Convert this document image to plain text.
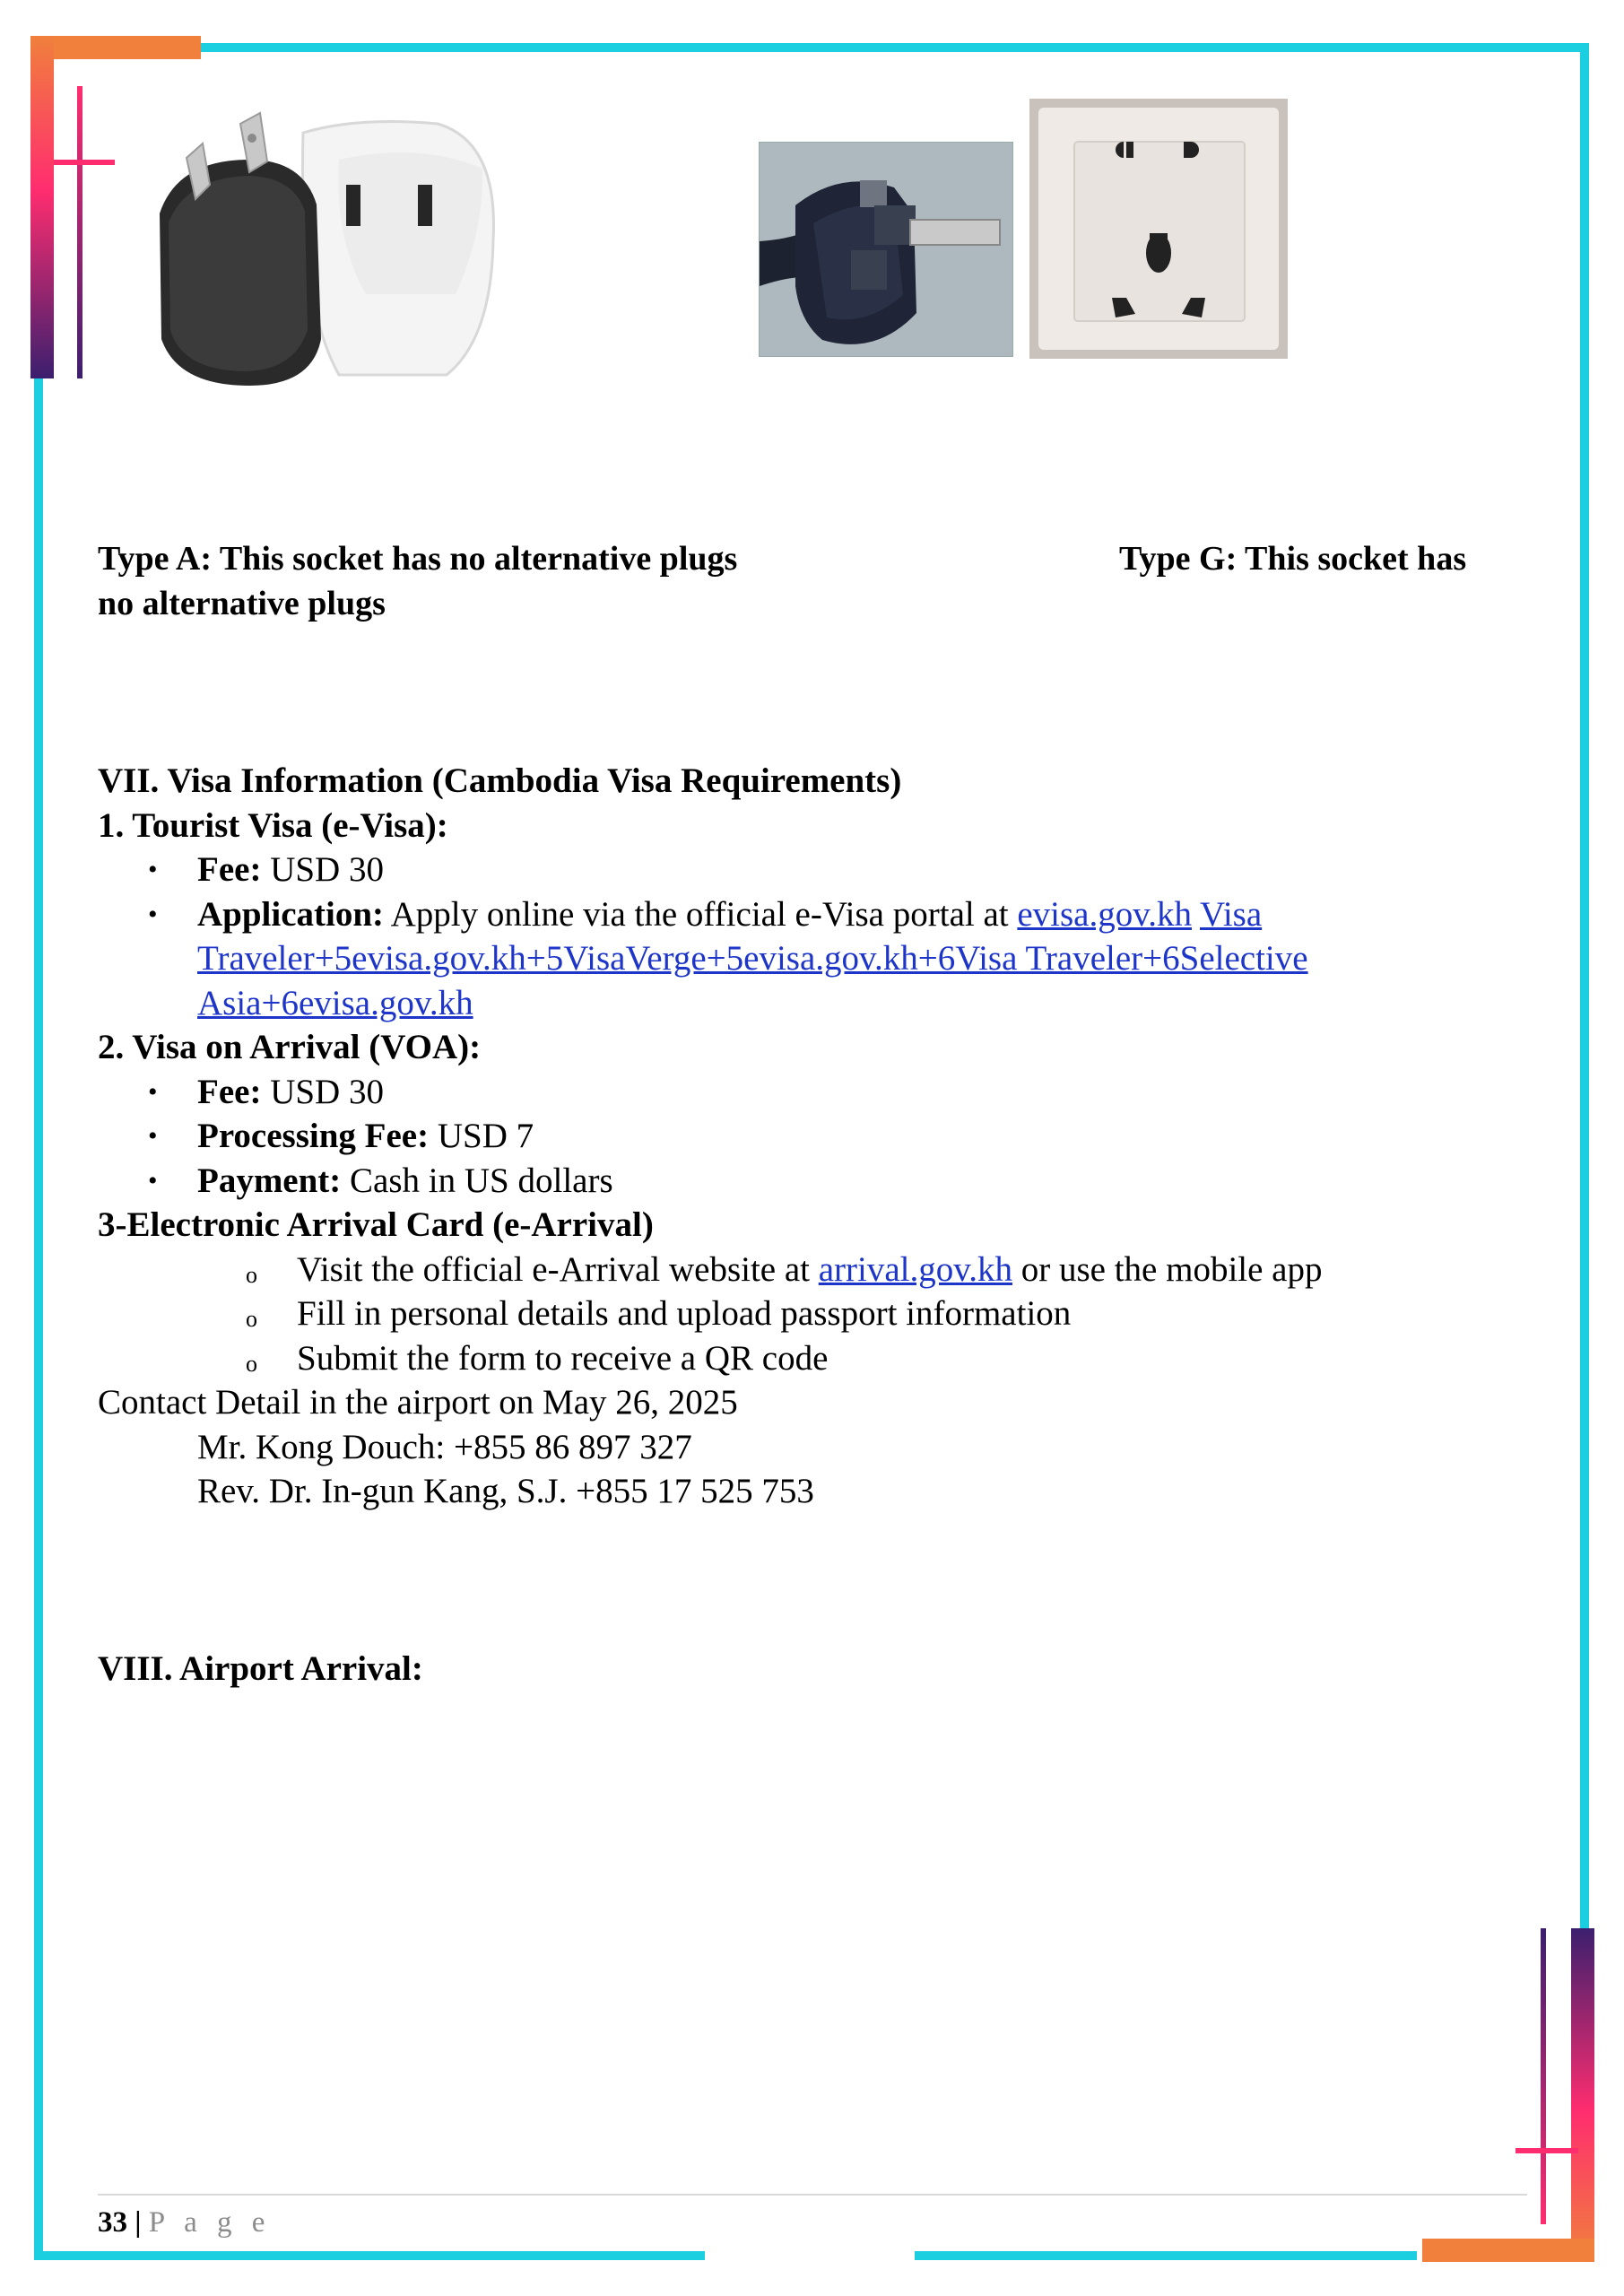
Type A: This socket has no alternative plugs	Type G: This socket has
no alternative plugs

VII. Visa Information (Cambodia Visa Requirements)

1. Tourist Visa (e-Visa):

• Fee: USD 30

• Application: Apply online via the official e-Visa portal at evisa.gov.kh Visa Traveler+5evisa.gov.kh+5VisaVerge+5evisa.gov.kh+6Visa Traveler+6Selective Asia+6evisa.gov.kh

2. Visa on Arrival (VOA):

• Fee: USD 30

• Processing Fee: USD 7

• Payment: Cash in US dollars

3-Electronic Arrival Card (e-Arrival)

o Visit the official e-Arrival website at arrival.gov.kh or use the mobile app

o Fill in personal details and upload passport information

o Submit the form to receive a QR code

Contact Detail in the airport on May 26, 2025

Mr. Kong Douch: +855 86 897 327

Rev. Dr. In-gun Kang, S.J. +855 17 525 753

VIII. Airport Arrival:

33 | P a g e
